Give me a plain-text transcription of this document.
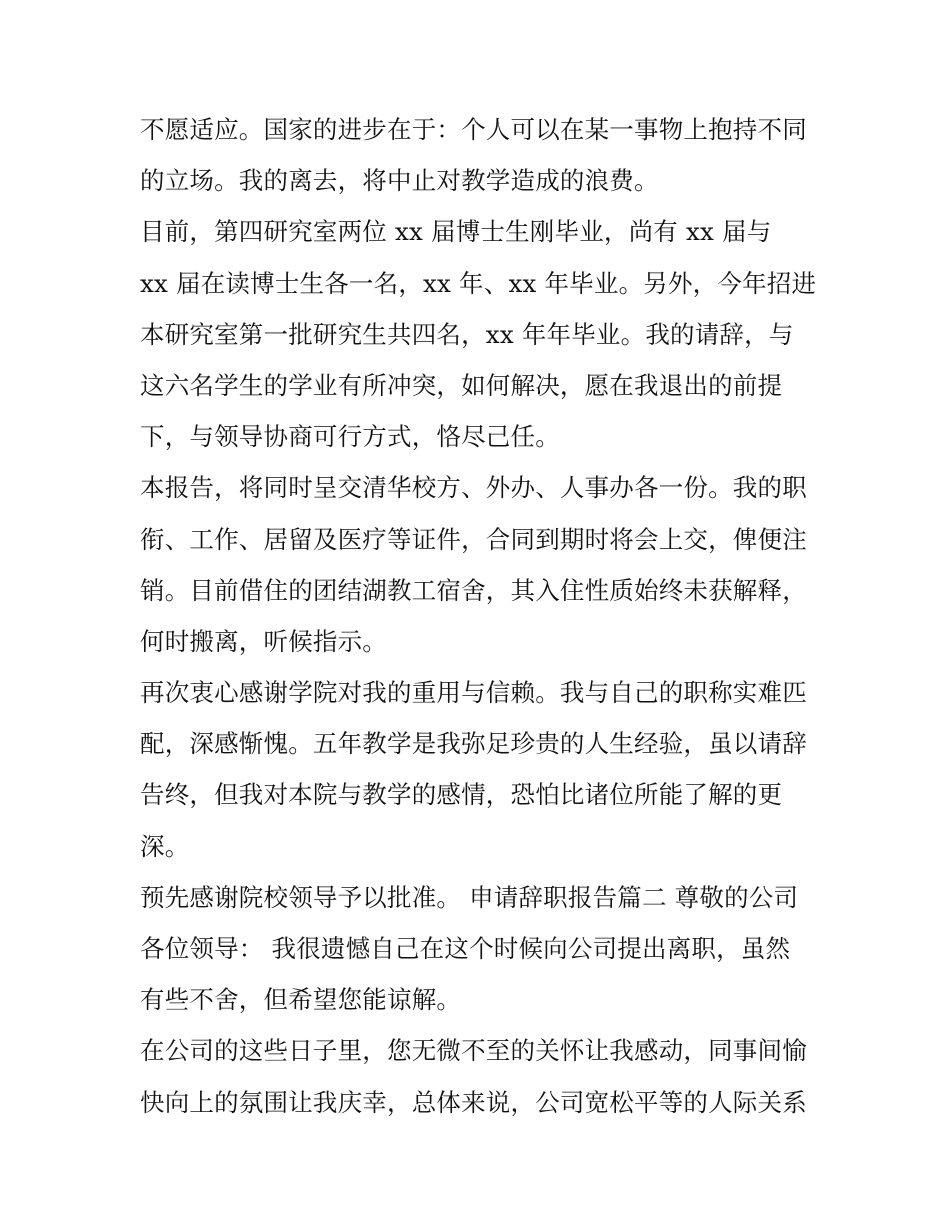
不愿适应。国家的进步在于：个人可以在某一事物上抱持不同
的立场。我的离去，将中止对教学造成的浪费。
目前，第四研究室两位 xx 届博士生刚毕业，尚有 xx 届与
xx 届在读博士生各一名，xx 年、xx 年毕业。另外，今年招进
本研究室第一批研究生共四名，xx 年年毕业。我的请辞，与
这六名学生的学业有所冲突，如何解决，愿在我退出的前提
下，与领导协商可行方式，恪尽己任。
本报告，将同时呈交清华校方、外办、人事办各一份。我的职
衔、工作、居留及医疗等证件，合同到期时将会上交，俾便注
销。目前借住的团结湖教工宿舍，其入住性质始终未获解释，
何时搬离，听候指示。
再次衷心感谢学院对我的重用与信赖。我与自己的职称实难匹
配，深感惭愧。五年教学是我弥足珍贵的人生经验，虽以请辞
告终，但我对本院与教学的感情，恐怕比诸位所能了解的更
深。
预先感谢院校领导予以批准。 申请辞职报告篇二 尊敬的公司
各位领导： 我很遗憾自己在这个时候向公司提出离职，虽然
有些不舍，但希望您能谅解。
在公司的这些日子里，您无微不至的关怀让我感动，同事间愉
快向上的氛围让我庆幸，总体来说，公司宽松平等的人际关系
